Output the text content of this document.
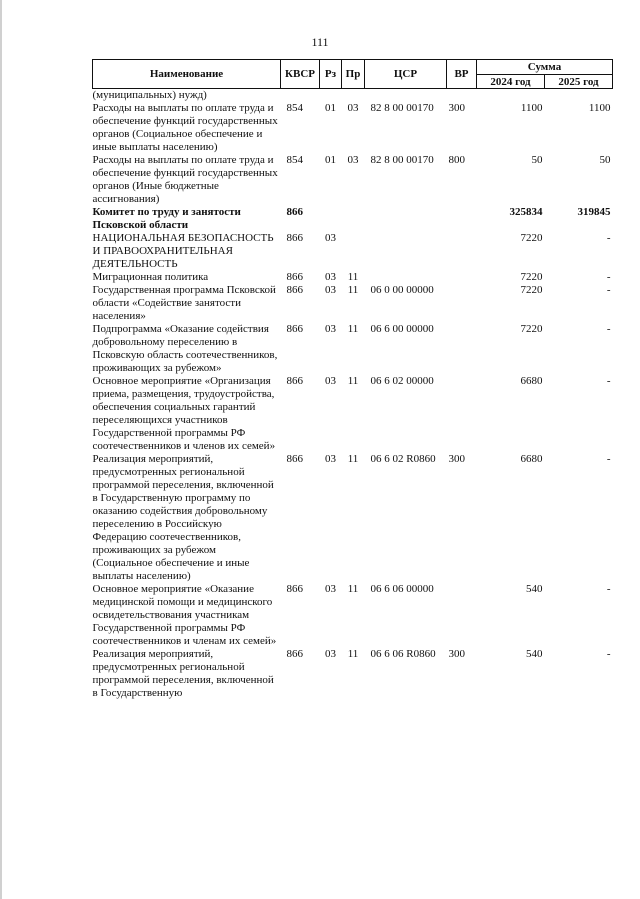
111
Наименование	КВСР	Рз	Пр	ЦСР	ВР	Сумма	
						2024 год	2025 год
(муниципальных) нужд)							
Расходы на выплаты по оплате труда и обеспечение функций государственных органов (Социальное обеспечение и иные выплаты населению)	854	01	03	82 8 00 00170	300	1100	1100
Расходы на выплаты по оплате труда и обеспечение функций государственных органов (Иные бюджетные ассигнования)	854	01	03	82 8 00 00170	800	50	50
Комитет по труду и занятости Псковской области	866					325834	319845
НАЦИОНАЛЬНАЯ БЕЗОПАСНОСТЬ И ПРАВООХРАНИТЕЛЬНАЯ ДЕЯТЕЛЬНОСТЬ	866	03				7220	-
Миграционная политика	866	03	11			7220	-
Государственная программа Псковской области «Содействие занятости населения»	866	03	11	06 0 00 00000		7220	-
Подпрограмма «Оказание содействия добровольному переселению в Псковскую область соотечественников, проживающих за рубежом»	866	03	11	06 6 00 00000		7220	-
Основное мероприятие «Организация приема, размещения, трудоустройства, обеспечения социальных гарантий переселяющихся участников Государственной программы РФ соотечественников и членов их семей»	866	03	11	06 6 02 00000		6680	-
Реализация мероприятий, предусмотренных региональной программой переселения, включенной в Государственную программу по оказанию содействия добровольному переселению в Российскую Федерацию соотечественников, проживающих за рубежом (Социальное обеспечение и иные выплаты населению)	866	03	11	06 6 02 R0860	300	6680	-
Основное мероприятие «Оказание медицинской помощи и медицинского освидетельствования участникам Государственной программы РФ соотечественников и членам их семей»	866	03	11	06 6 06 00000		540	-
Реализация мероприятий, предусмотренных региональной программой переселения, включенной в Государственную	866	03	11	06 6 06 R0860	300	540	-
